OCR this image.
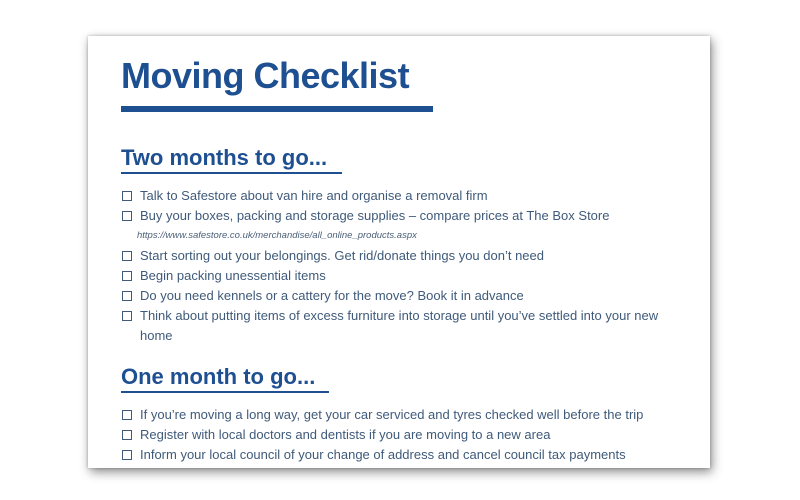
Moving Checklist
Two months to go...
Talk to Safestore about van hire and organise a removal firm
Buy your boxes, packing and storage supplies – compare prices at The Box Store
https://www.safestore.co.uk/merchandise/all_online_products.aspx
Start sorting out your belongings. Get rid/donate things you don’t need
Begin packing unessential items
Do you need kennels or a cattery for the move? Book it in advance
Think about putting items of excess furniture into storage until you’ve settled into your new home
One month to go...
If you’re moving a long way, get your car serviced and tyres checked well before the trip
Register with local doctors and dentists if you are moving to a new area
Inform your local council of your change of address and cancel council tax payments
